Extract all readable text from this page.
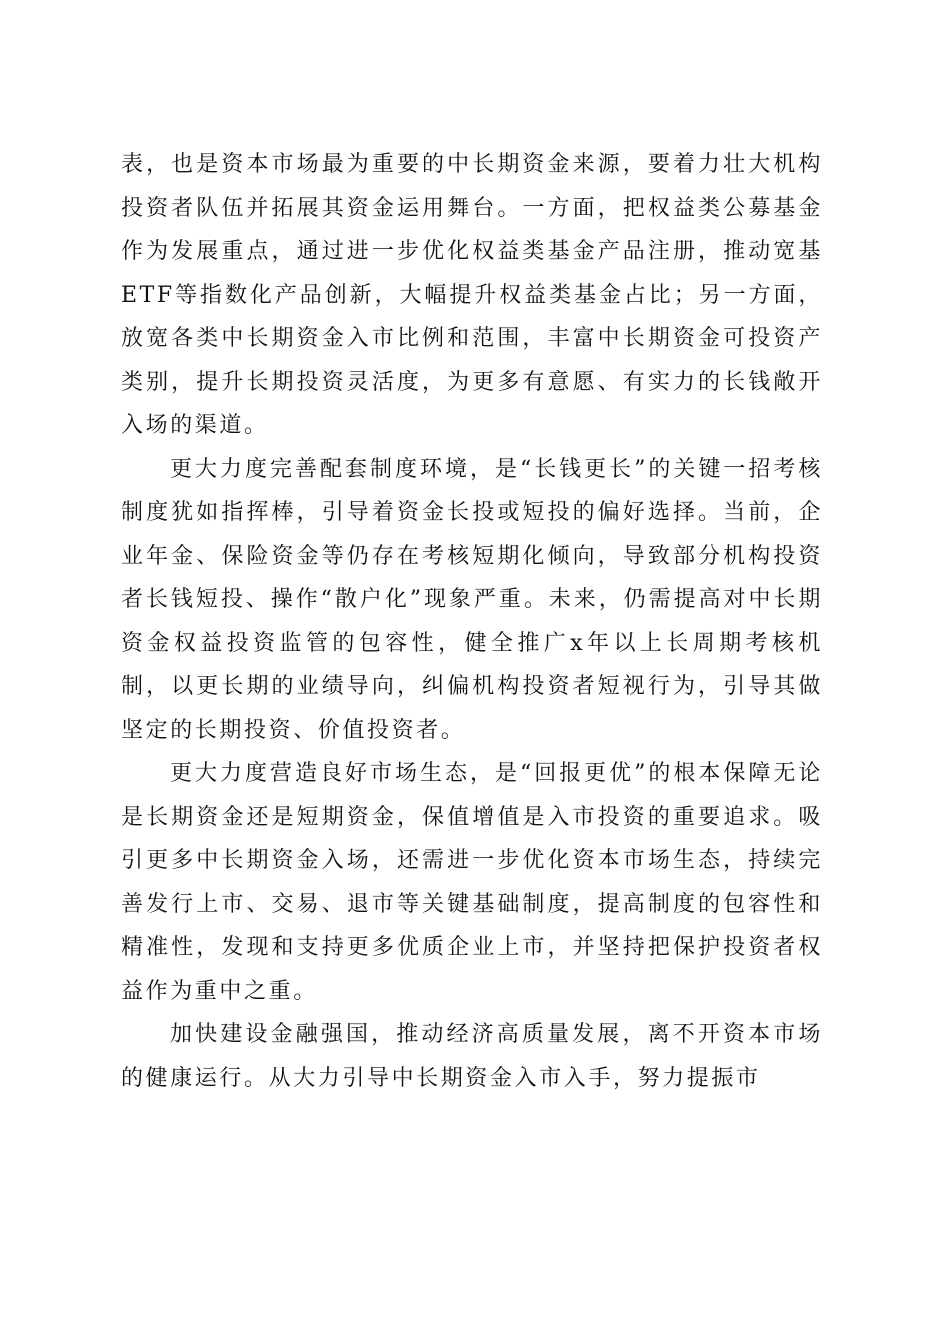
表，也是资本市场最为重要的中长期资金来源，要着力壮大机构投资者队伍并拓展其资金运用舞台。一方面，把权益类公募基金作为发展重点，通过进一步优化权益类基金产品注册，推动宽基ETF等指数化产品创新，大幅提升权益类基金占比；另一方面，放宽各类中长期资金入市比例和范围，丰富中长期资金可投资产类别，提升长期投资灵活度，为更多有意愿、有实力的长钱敞开入场的渠道。

更大力度完善配套制度环境，是“长钱更长”的关键一招考核制度犹如指挥棒，引导着资金长投或短投的偏好选择。当前，企业年金、保险资金等仍存在考核短期化倾向，导致部分机构投资者长钱短投、操作“散户化”现象严重。未来，仍需提高对中长期资金权益投资监管的包容性，健全推广x年以上长周期考核机制，以更长期的业绩导向，纠偏机构投资者短视行为，引导其做坚定的长期投资、价值投资者。

更大力度营造良好市场生态，是“回报更优”的根本保障无论是长期资金还是短期资金，保值增值是入市投资的重要追求。吸引更多中长期资金入场，还需进一步优化资本市场生态，持续完善发行上市、交易、退市等关键基础制度，提高制度的包容性和精准性，发现和支持更多优质企业上市，并坚持把保护投资者权益作为重中之重。

加快建设金融强国，推动经济高质量发展，离不开资本市场的健康运行。从大力引导中长期资金入市入手，努力提振市
